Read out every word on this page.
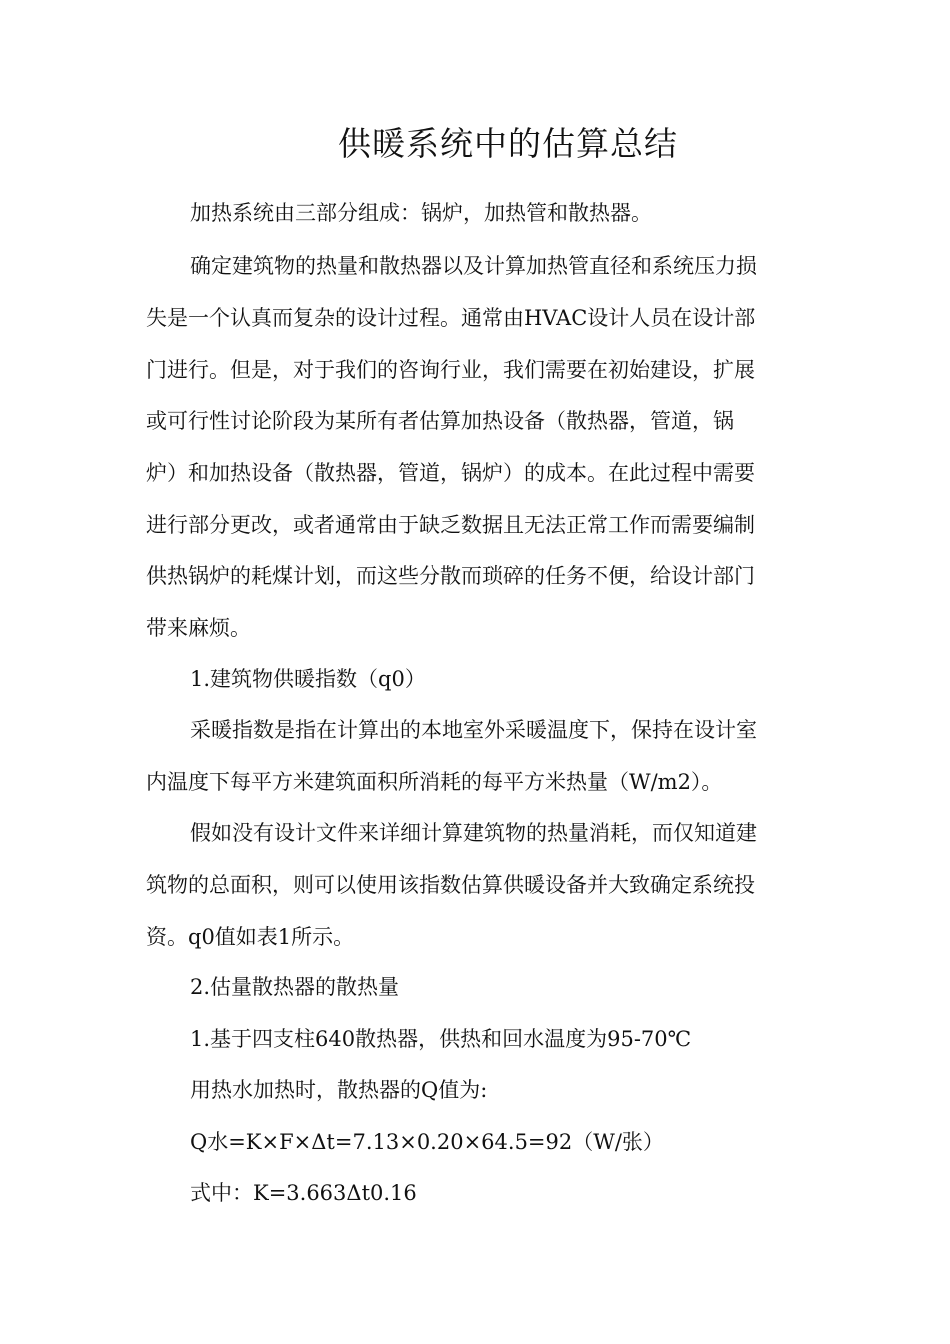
供暖系统中的估算总结

加热系统由三部分组成：锅炉，加热管和散热器。

确定建筑物的热量和散热器以及计算加热管直径和系统压力损

失是一个认真而复杂的设计过程。通常由HVAC设计人员在设计部

门进行。但是，对于我们的咨询行业，我们需要在初始建设，扩展

或可行性讨论阶段为某所有者估算加热设备（散热器，管道，锅

炉）和加热设备（散热器，管道，锅炉）的成本。在此过程中需要

进行部分更改，或者通常由于缺乏数据且无法正常工作而需要编制

供热锅炉的耗煤计划，而这些分散而琐碎的任务不便，给设计部门

带来麻烦。

1.建筑物供暖指数（q0）

采暖指数是指在计算出的本地室外采暖温度下，保持在设计室

内温度下每平方米建筑面积所消耗的每平方米热量（W/m2）。

假如没有设计文件来详细计算建筑物的热量消耗，而仅知道建

筑物的总面积，则可以使用该指数估算供暖设备并大致确定系统投

资。q0值如表1所示。

2.估量散热器的散热量

1.基于四支柱640散热器，供热和回水温度为95-70℃

用热水加热时，散热器的Q值为:

Q水=K×F×Δt=7.13×0.20×64.5=92（W/张）

式中：K=3.663Δt0.16
